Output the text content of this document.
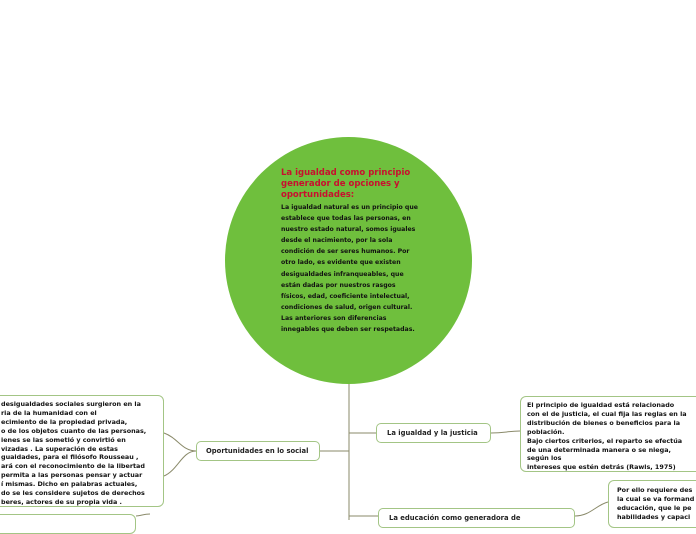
La igualdad como principio generador de opciones y oportunidades:
La igualdad natural es un principio que establece que todas las personas, en nuestro estado natural, somos iguales desde el nacimiento, por la sola condición de ser seres humanos. Por otro lado, es evidente que existen desigualdades infranqueables, que están dadas por nuestros rasgos físicos, edad, coeficiente intelectual, condiciones de salud, origen cultural. Las anteriores son diferencias innegables que deben ser respetadas.
Oportunidades en lo social
La igualdad y la justicia
La educación como generadora de
desigualdades sociales surgieron en la
ria de la humanidad con el
ecimiento de la propiedad privada,
o de los objetos cuanto de las personas,
ienes se las sometió y convirtió en
vizadas . La superación de estas
guaidades, para el filósofo Rousseau ,
ará con el reconocimiento de la libertad
permita a las personas pensar y actuar
í mismas. Dicho en palabras actuales,
do se les considere sujetos de derechos
beres, actores de su propia vida .
El principio de igualdad está relacionado
con el de justicia, el cual fija las reglas en la
distribución de bienes o beneficios para la
población.
Bajo ciertos criterios, el reparto se efectúa
de una determinada manera o se niega,
según los
intereses que estén detrás (Rawls, 1975)
Por ello requiere des
la cual se va formand
educación, que le pe
habilidades y capaci
